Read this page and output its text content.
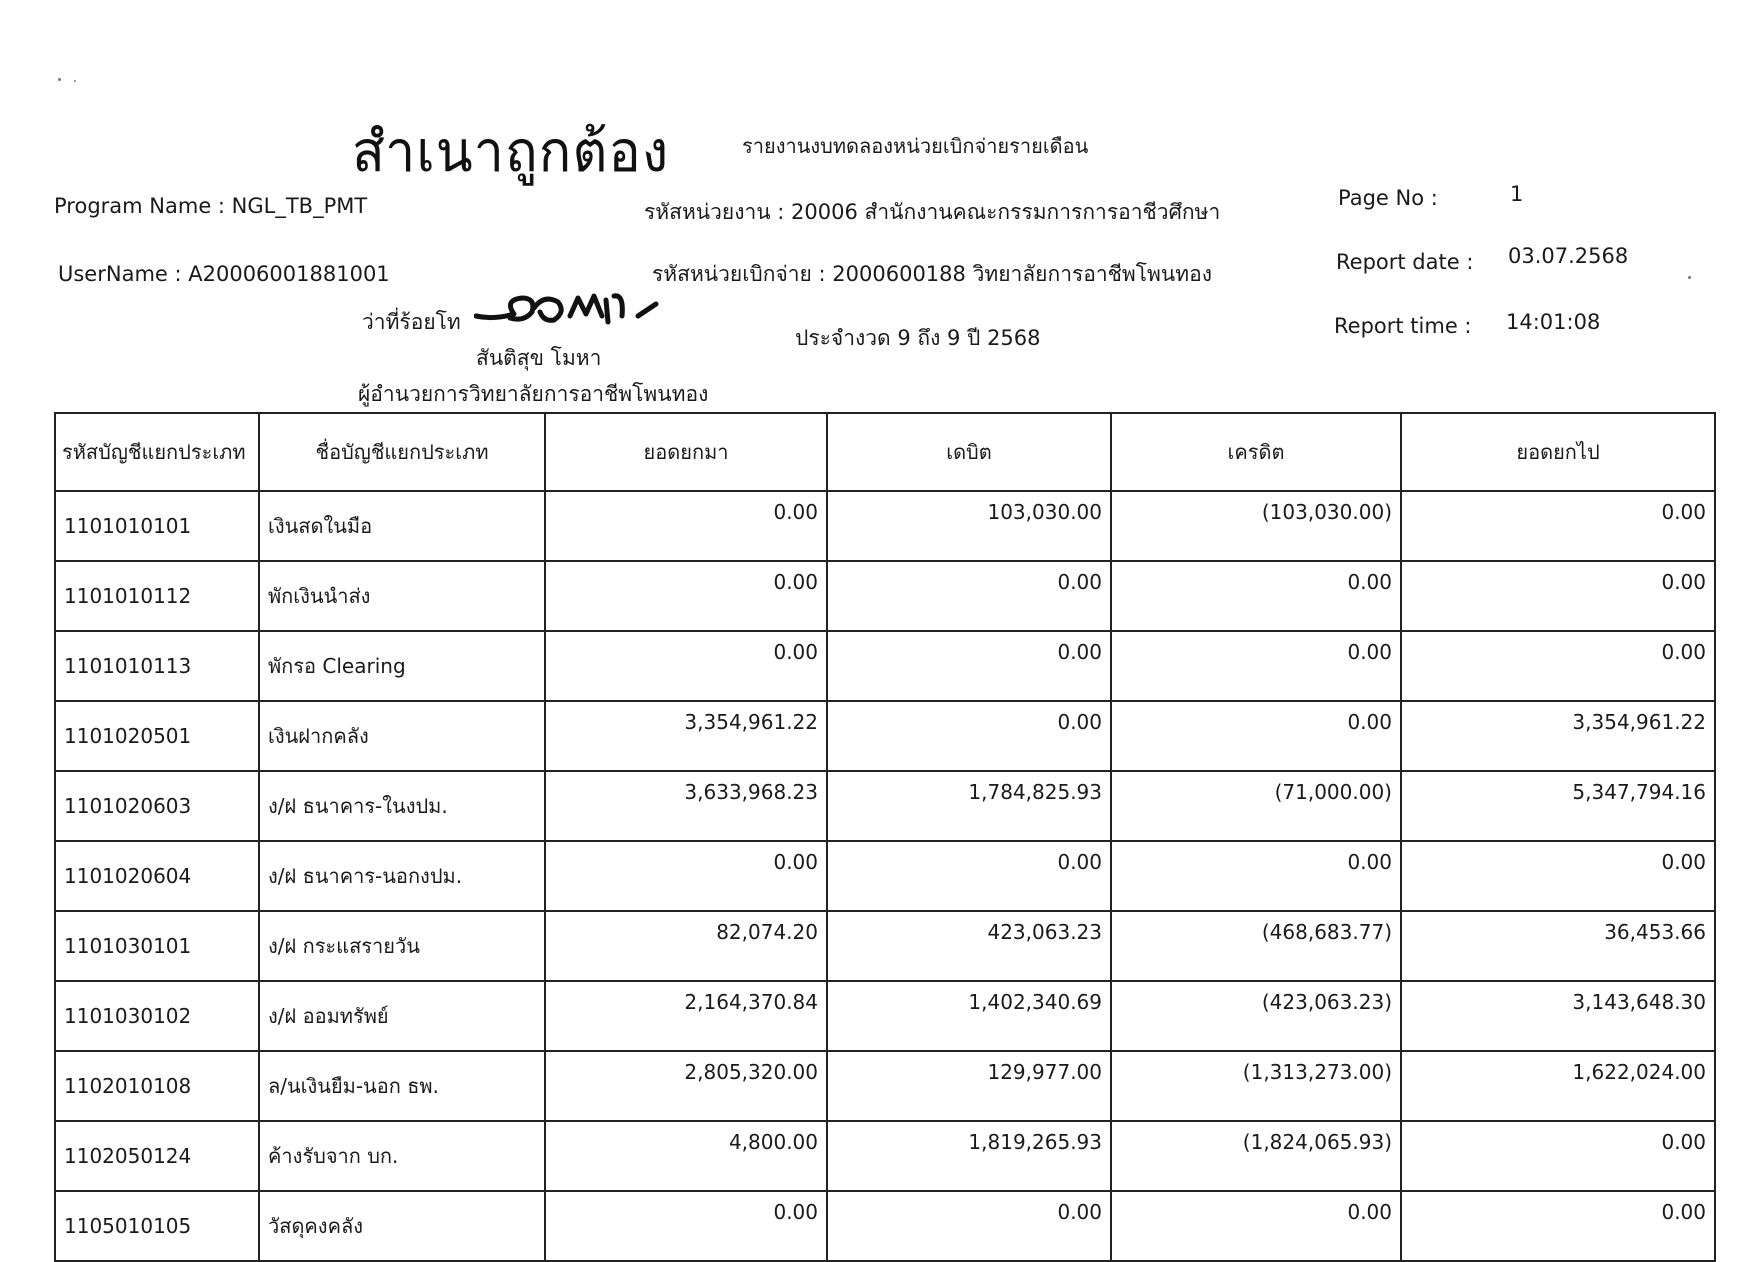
สำเนาถูกต้อง	รายงานงบทดลองหน่วยเบิกจ่ายรายเดือน
Program Name : NGL_TB_PMT
UserName : A20006001881001
รหัสหน่วยงาน : 20006 สำนักงานคณะกรรมการการอาชีวศึกษา
รหัสหน่วยเบิกจ่าย : 2000600188 วิทยาลัยการอาชีพโพนทอง
ประจำงวด 9 ถึง 9 ปี 2568
Page No :	1
Report date : 03.07.2568
Report time : 14:01:08
ว่าที่ร้อยโท
สันติสุข โมหา
ผู้อำนวยการวิทยาลัยการอาชีพโพนทอง
รหัสบัญชีแยกประเภท	ชื่อบัญชีแยกประเภท	ยอดยกมา	เดบิต	เครดิต	ยอดยกไป
1101010101	เงินสดในมือ	0.00	103,030.00	(103,030.00)	0.00
1101010112	พักเงินนำส่ง	0.00	0.00	0.00	0.00
1101010113	พักรอ Clearing	0.00	0.00	0.00	0.00
1101020501	เงินฝากคลัง	3,354,961.22	0.00	0.00	3,354,961.22
1101020603	ง/ฝ ธนาคาร-ในงปม.	3,633,968.23	1,784,825.93	(71,000.00)	5,347,794.16
1101020604	ง/ฝ ธนาคาร-นอกงปม.	0.00	0.00	0.00	0.00
1101030101	ง/ฝ กระแสรายวัน	82,074.20	423,063.23	(468,683.77)	36,453.66
1101030102	ง/ฝ ออมทรัพย์	2,164,370.84	1,402,340.69	(423,063.23)	3,143,648.30
1102010108	ล/นเงินยืม-นอก ธพ.	2,805,320.00	129,977.00	(1,313,273.00)	1,622,024.00
1102050124	ค้างรับจาก บก.	4,800.00	1,819,265.93	(1,824,065.93)	0.00
1105010105	วัสดุคงคลัง	0.00	0.00	0.00	0.00
